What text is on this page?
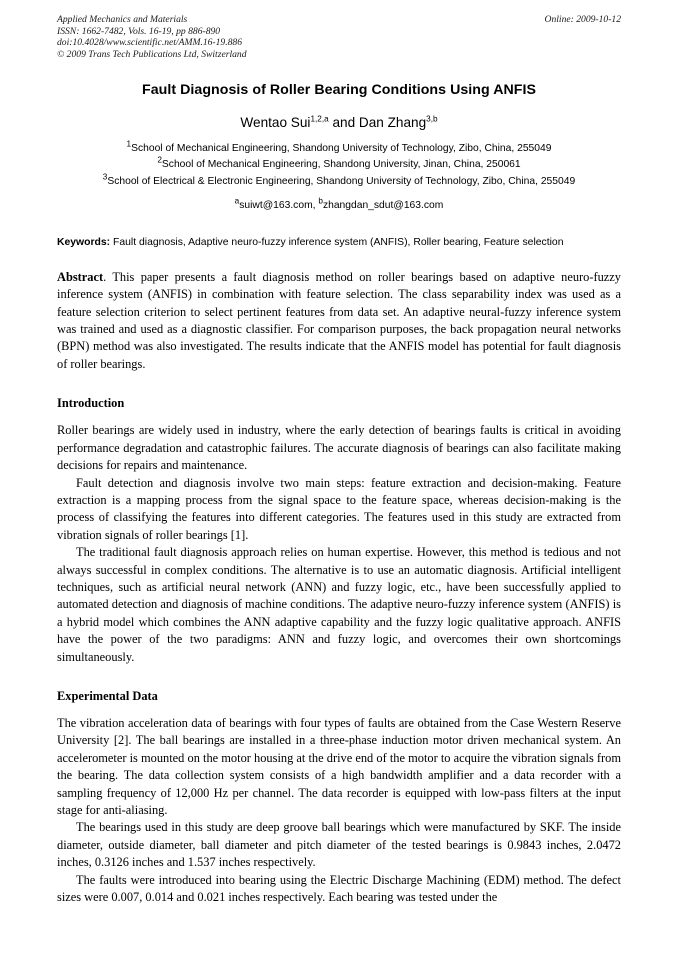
Applied Mechanics and Materials
ISSN: 1662-7482, Vols. 16-19, pp 886-890
doi:10.4028/www.scientific.net/AMM.16-19.886
© 2009 Trans Tech Publications Ltd, Switzerland
Online: 2009-10-12
Fault Diagnosis of Roller Bearing Conditions Using ANFIS
Wentao Sui$^{1,2,a}$ and Dan Zhang$^{3,b}$
$^1$School of Mechanical Engineering, Shandong University of Technology, Zibo, China, 255049
$^2$School of Mechanical Engineering, Shandong University, Jinan, China, 250061
$^3$School of Electrical & Electronic Engineering, Shandong University of Technology, Zibo, China, 255049
$^a$suiwt@163.com, $^b$zhangdan_sdut@163.com
Keywords: Fault diagnosis, Adaptive neuro-fuzzy inference system (ANFIS), Roller bearing, Feature selection
Abstract. This paper presents a fault diagnosis method on roller bearings based on adaptive neuro-fuzzy inference system (ANFIS) in combination with feature selection. The class separability index was used as a feature selection criterion to select pertinent features from data set. An adaptive neural-fuzzy inference system was trained and used as a diagnostic classifier. For comparison purposes, the back propagation neural networks (BPN) method was also investigated. The results indicate that the ANFIS model has potential for fault diagnosis of roller bearings.
Introduction

Roller bearings are widely used in industry, where the early detection of bearings faults is critical in avoiding performance degradation and catastrophic failures. The accurate diagnosis of bearings can also facilitate making decisions for repairs and maintenance.

Fault detection and diagnosis involve two main steps: feature extraction and decision-making. Feature extraction is a mapping process from the signal space to the feature space, whereas decision-making is the process of classifying the features into different categories. The features used in this study are extracted from vibration signals of roller bearings [1].

The traditional fault diagnosis approach relies on human expertise. However, this method is tedious and not always successful in complex conditions. The alternative is to use an automatic diagnosis. Artificial intelligent techniques, such as artificial neural network (ANN) and fuzzy logic, etc., have been successfully applied to automated detection and diagnosis of machine conditions. The adaptive neuro-fuzzy inference system (ANFIS) is a hybrid model which combines the ANN adaptive capability and the fuzzy logic qualitative approach. ANFIS have the power of the two paradigms: ANN and fuzzy logic, and overcomes their own shortcomings simultaneously.

Experimental Data

The vibration acceleration data of bearings with four types of faults are obtained from the Case Western Reserve University [2]. The ball bearings are installed in a three-phase induction motor driven mechanical system. An accelerometer is mounted on the motor housing at the drive end of the motor to acquire the vibration signals from the bearing. The data collection system consists of a high bandwidth amplifier and a data recorder with a sampling frequency of 12,000 Hz per channel. The data recorder is equipped with low-pass filters at the input stage for anti-aliasing.

The bearings used in this study are deep groove ball bearings which were manufactured by SKF. The inside diameter, outside diameter, ball diameter and pitch diameter of the tested bearings is 0.9843 inches, 2.0472 inches, 0.3126 inches and 1.537 inches respectively.

The faults were introduced into bearing using the Electric Discharge Machining (EDM) method. The defect sizes were 0.007, 0.014 and 0.021 inches respectively. Each bearing was tested under the
